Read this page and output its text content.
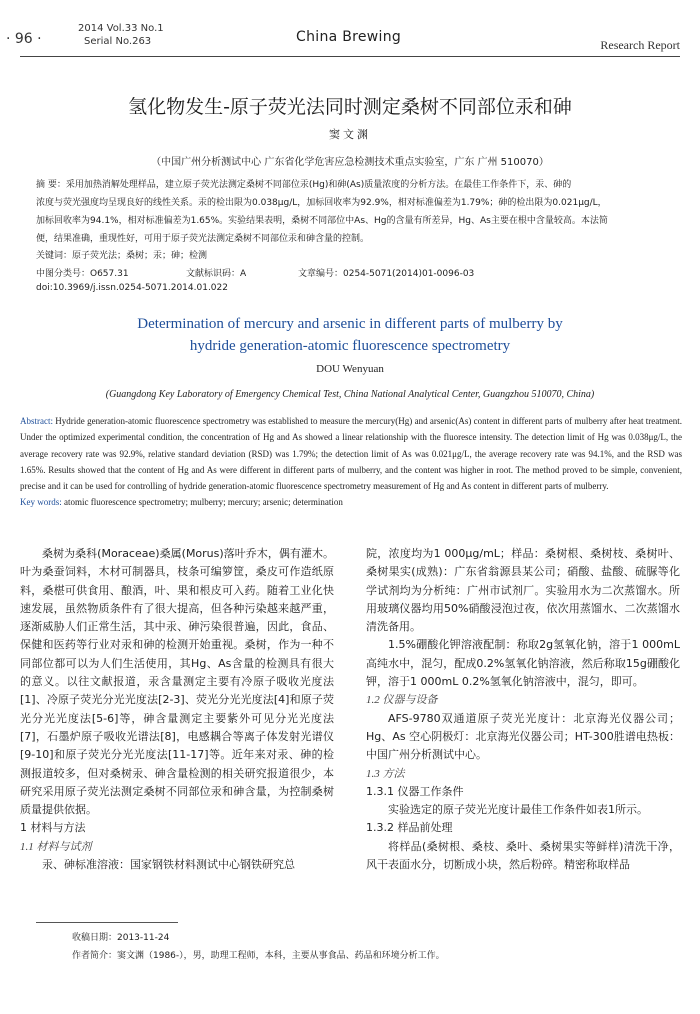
· 96 ·
2014 Vol.33 No.1
Serial No.263	China Brewing	Research Report
氢化物发生-原子荧光法同时测定桑树不同部位汞和砷
窦文渊
（中国广州分析测试中心 广东省化学危害应急检测技术重点实验室，广东 广州 510070）
摘 要：采用加热消解处理样品，建立原子荧光法测定桑树不同部位汞(Hg)和砷(As)质量浓度的分析方法。在最佳工作条件下，汞、砷的
浓度与荧光强度均呈现良好的线性关系。汞的检出限为0.038μg/L，加标回收率为92.9%，相对标准偏差为1.79%；砷的检出限为0.021μg/L，
加标回收率为94.1%，相对标准偏差为1.65%。实验结果表明，桑树不同部位中As、Hg的含量有所差异，Hg、As主要在根中含量较高。本法简
便，结果准确，重现性好，可用于原子荧光法测定桑树不同部位汞和砷含量的控制。
关键词：原子荧光法；桑树；汞；砷；检测
中图分类号：O657.31	文献标识码：A	文章编号：0254-5071(2014)01-0096-03
doi:10.3969/j.issn.0254-5071.2014.01.022
Determination of mercury and arsenic in different parts of mulberry by
hydride generation-atomic fluorescence spectrometry
DOU Wenyuan
(Guangdong Key Laboratory of Emergency Chemical Test, China National Analytical Center, Guangzhou 510070, China)
Abstract: Hydride generation-atomic fluorescence spectrometry was established to measure the mercury(Hg) and arsenic(As) content in different parts of mulberry after heat treatment. Under the optimized experimental condition, the concentration of Hg and As showed a linear relationship with the fluoresce intensity. The detection limit of Hg was 0.038μg/L, the average recovery rate was 92.9%, relative standard deviation (RSD) was 1.79%; the detection limit of As was 0.021μg/L, the average recovery rate was 94.1%, and the RSD was 1.65%. Results showed that the content of Hg and As were different in different parts of mulberry, and the content was higher in root. The method proved to be simple, convenient, precise and it can be used for controlling of hydride generation-atomic fluorescence spectrometry measurement of Hg and As content in different parts of mulberry.
Key words: atomic fluorescence spectrometry; mulberry; mercury; arsenic; determination

桑树为桑科(Moraceae)桑属(Morus)落叶乔木，偶有灌木。叶为桑蚕饲料，木材可制器具，枝条可编箩筐，桑皮可作造纸原料，桑椹可供食用、酿酒，叶、果和根皮可入药。随着工业化快速发展，虽然物质条件有了很大提高，但各种污染越来越严重，逐渐威胁人们正常生活，其中汞、砷污染很普遍，因此，食品、保健和医药等行业对汞和砷的检测开始重视。桑树，作为一种不同部位都可以为人们生活使用，其Hg、As含量的检测具有很大的意义。以往文献报道，汞含量测定主要有冷原子吸收光度法[1]、冷原子荧光分光光度法[2-3]、荧光分光光度法[4]和原子荧光分光光度法[5-6]等，砷含量测定主要紫外可见分光光度法[7]，石墨炉原子吸收光谱法[8]，电感耦合等离子体发射光谱仪[9-10]和原子荧光分光光度法[11-17]等。近年来对汞、砷的检测报道较多，但对桑树汞、砷含量检测的相关研究报道很少，本研究采用原子荧光法测定桑树不同部位汞和砷含量，为控制桑树质量提供依据。

1 材料与方法

1.1 材料与试剂

汞、砷标准溶液：国家钢铁材料测试中心钢铁研究总

院，浓度均为1 000μg/mL；样品：桑树根、桑树枝、桑树叶、桑树果实(成熟)：广东省翁源县某公司；硝酸、盐酸、硫脲等化学试剂均为分析纯：广州市试剂厂。实验用水为二次蒸馏水。所用玻璃仪器均用50%硝酸浸泡过夜，依次用蒸馏水、二次蒸馏水清洗备用。

1.5%硼酸化钾溶液配制：称取2g氢氧化钠，溶于1 000mL高纯水中，混匀，配成0.2%氢氧化钠溶液，然后称取15g硼酸化钾，溶于1 000mL 0.2%氢氧化钠溶液中，混匀，即可。

1.2 仪器与设备

AFS-9780双通道原子荧光光度计：北京海光仪器公司；Hg、As 空心阴极灯：北京海光仪器公司；HT-300胜谱电热板：中国广州分析测试中心。

1.3 方法

1.3.1 仪器工作条件

实验选定的原子荧光光度计最佳工作条件如表1所示。

1.3.2 样品前处理

将样品(桑树根、桑枝、桑叶、桑树果实等鲜样)清洗干净，风干表面水分，切断成小块，然后粉碎。精密称取样品

收稿日期：2013-11-24
作者简介：窦文渊（1986-），男，助理工程师，本科，主要从事食品、药品和环境分析工作。
